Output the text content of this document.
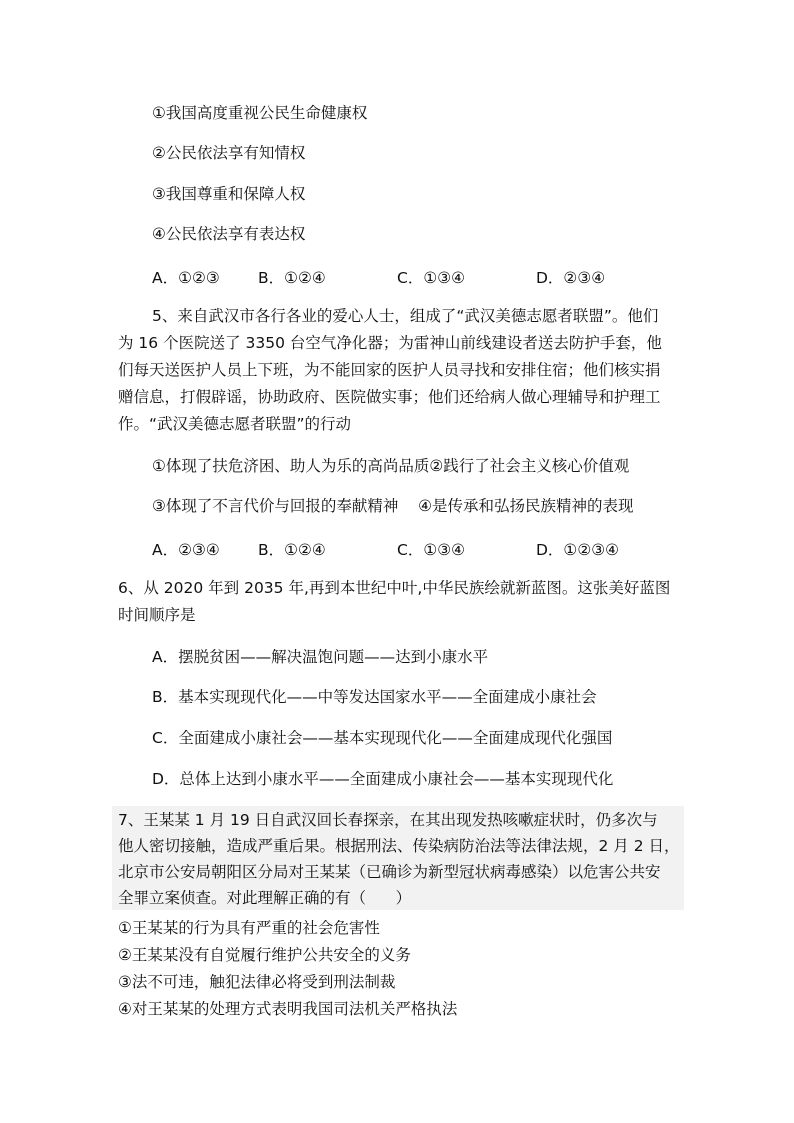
①我国高度重视公民生命健康权
②公民依法享有知情权
③我国尊重和保障人权
④公民依法享有表达权
A．①②③ B．①②④	C．①③④	D．②③④
5、来自武汉市各行各业的爱心人士，组成了“武汉美德志愿者联盟”。他们
为 16 个医院送了 3350 台空气净化器；为雷神山前线建设者送去防护手套，他
们每天送医护人员上下班，为不能回家的医护人员寻找和安排住宿；他们核实捐
赠信息，打假辟谣，协助政府、医院做实事；他们还给病人做心理辅导和护理工
作。“武汉美德志愿者联盟”的行动
①体现了扶危济困、助人为乐的高尚品质②践行了社会主义核心价值观
③体现了不言代价与回报的奉献精神    ④是传承和弘扬民族精神的表现
A．②③④ B．①②④	C．①③④	D．①②③④
6、从 2020 年到 2035 年,再到本世纪中叶,中华民族绘就新蓝图。这张美好蓝图
时间顺序是
A．摆脱贫困——解决温饱问题——达到小康水平
B．基本实现现代化——中等发达国家水平——全面建成小康社会
C．全面建成小康社会——基本实现现代化——全面建成现代化强国
D．总体上达到小康水平——全面建成小康社会——基本实现现代化
7、王某某 1 月 19 日自武汉回长春探亲，在其出现发热咳嗽症状时，仍多次与
他人密切接触，造成严重后果。根据刑法、传染病防治法等法律法规，2 月 2 日，
北京市公安局朝阳区分局对王某某（已确诊为新型冠状病毒感染）以危害公共安
全罪立案侦查。对此理解正确的有（      ）
①王某某的行为具有严重的社会危害性
②王某某没有自觉履行维护公共安全的义务
③法不可违，触犯法律必将受到刑法制裁
④对王某某的处理方式表明我国司法机关严格执法
